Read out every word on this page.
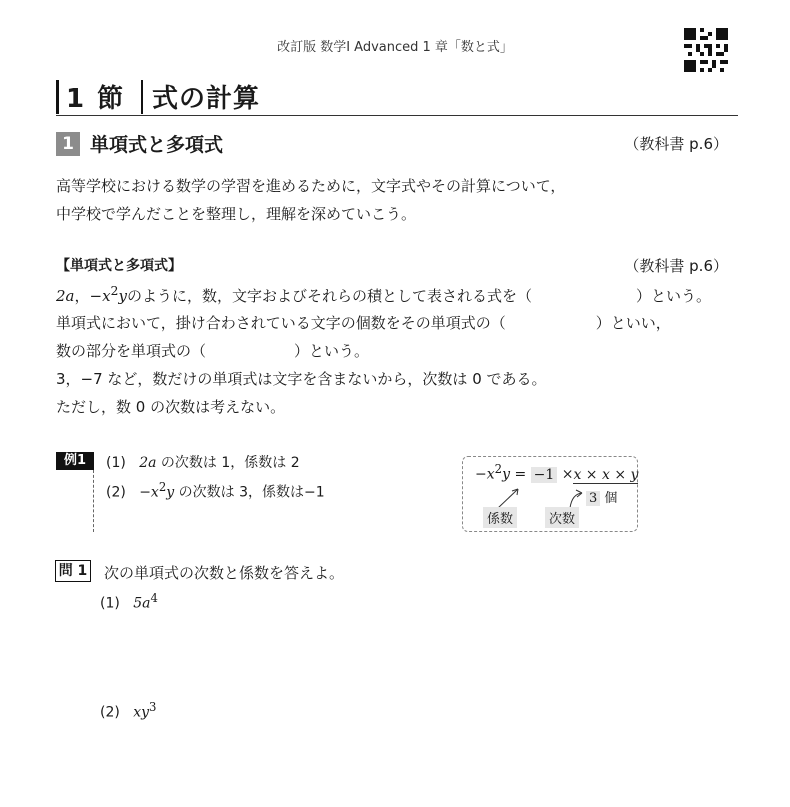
改訂版 数学Ⅰ Advanced 1 章「数と式」
1 節 式の計算
1 単項式と多項式	（教科書 p.6）
高等学校における数学の学習を進めるために，文字式やその計算について，
中学校で学んだことを整理し，理解を深めていこう。
【単項式と多項式】	（教科書 p.6）
2a，$-x^2y$のように，数，文字およびそれらの積として表される式を（	）という。
単項式において，掛け合わされている文字の個数をその単項式の（	）といい，
数の部分を単項式の（	）という。
3，−7 など，数だけの単項式は文字を含まないから，次数は 0 である。
ただし，数 0 の次数は考えない。
例1	(1) 2a の次数は 1，係数は 2
$(2) -x^2y$ の次数は 3，係数は−1
$-x^2y = -1 \times x \times x \times y$
3 個
係数	次数
問 1 次の単項式の次数と係数を答えよ。
(1) $5a^4$
(2) $xy^3$
